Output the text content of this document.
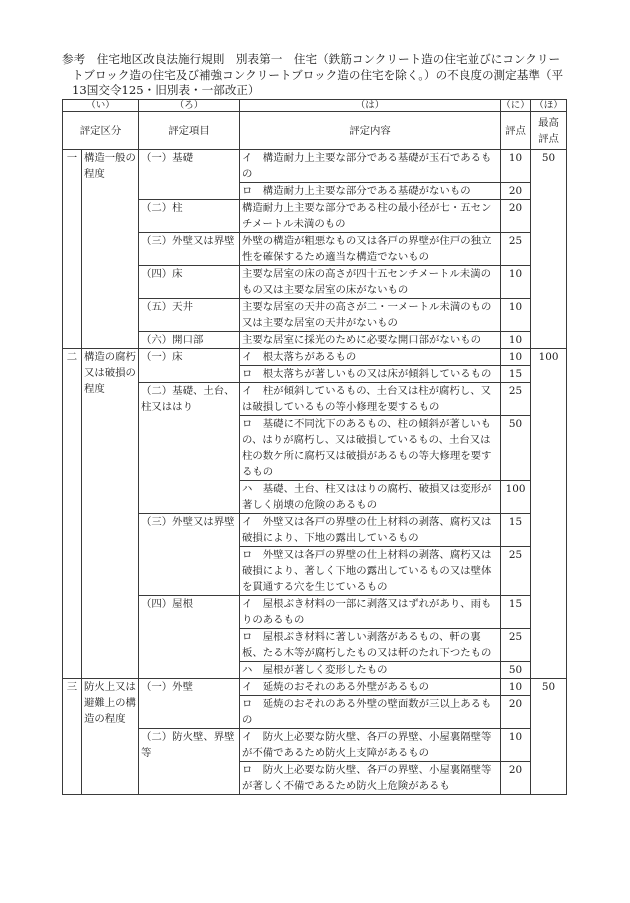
参考　住宅地区改良法施行規則　別表第一　住宅（鉄筋コンクリート造の住宅並びにコンクリー
トブロック造の住宅及び補強コンクリートブロック造の住宅を除く。）の不良度の測定基準（平
13国交令125・旧別表・一部改正）
（い）		（ろ）	（は）	（に）	（ほ）
評定区分		評定項目	評定内容	評点	最高評点
一	構造一般の程度	（一）基礎	イ　構造耐力上主要な部分である基礎が玉石であるもの	10	50
			ロ　構造耐力上主要な部分である基礎がないもの	20	
		（二）柱	構造耐力上主要な部分である柱の最小径が七・五センチメートル未満のもの	20	
		（三）外壁又は界壁	外壁の構造が粗悪なもの又は各戸の界壁が住戸の独立性を確保するため適当な構造でないもの	25	
		（四）床	主要な居室の床の高さが四十五センチメートル未満のもの又は主要な居室の床がないもの	10	
		（五）天井	主要な居室の天井の高さが二・一メートル未満のもの又は主要な居室の天井がないもの	10	
		（六）開口部	主要な居室に採光のために必要な開口部がないもの	10	
二	構造の腐朽又は破損の程度	（一）床	イ　根太落ちがあるもの	10	100
			ロ　根太落ちが著しいもの又は床が傾斜しているもの	15	
		（二）基礎、土台、柱又ははり	イ　柱が傾斜しているもの、土台又は柱が腐朽し、又は破損しているもの等小修理を要するもの	25	
			ロ　基礎に不同沈下のあるもの、柱の傾斜が著しいもの、はりが腐朽し、又は破損しているもの、土台又は柱の数ケ所に腐朽又は破損があるもの等大修理を要するもの	50	
			ハ　基礎、土台、柱又ははりの腐朽、破損又は変形が著しく崩壊の危険のあるもの	100	
		（三）外壁又は界壁	イ　外壁又は各戸の界壁の仕上材料の剥落、腐朽又は破損により、下地の露出しているもの	15	
			ロ　外壁又は各戸の界壁の仕上材料の剥落、腐朽又は破損により、著しく下地の露出しているもの又は壁体を貫通する穴を生じているもの	25	
		（四）屋根	イ　屋根ぶき材料の一部に剥落又はずれがあり、雨もりのあるもの	15	
			ロ　屋根ぶき材料に著しい剥落があるもの、軒の裏板、たる木等が腐朽したもの又は軒のたれ下つたもの	25	
			ハ　屋根が著しく変形したもの	50	
三	防火上又は避難上の構造の程度	（一）外壁	イ　延焼のおそれのある外壁があるもの	10	50
			ロ　延焼のおそれのある外壁の壁面数が三以上あるもの	20	
		（二）防火壁、界壁等	イ　防火上必要な防火壁、各戸の界壁、小屋裏隔壁等が不備であるため防火上支障があるもの	10	
			ロ　防火上必要な防火壁、各戸の界壁、小屋裏隔壁等が著しく不備であるため防火上危険があるも	20	
